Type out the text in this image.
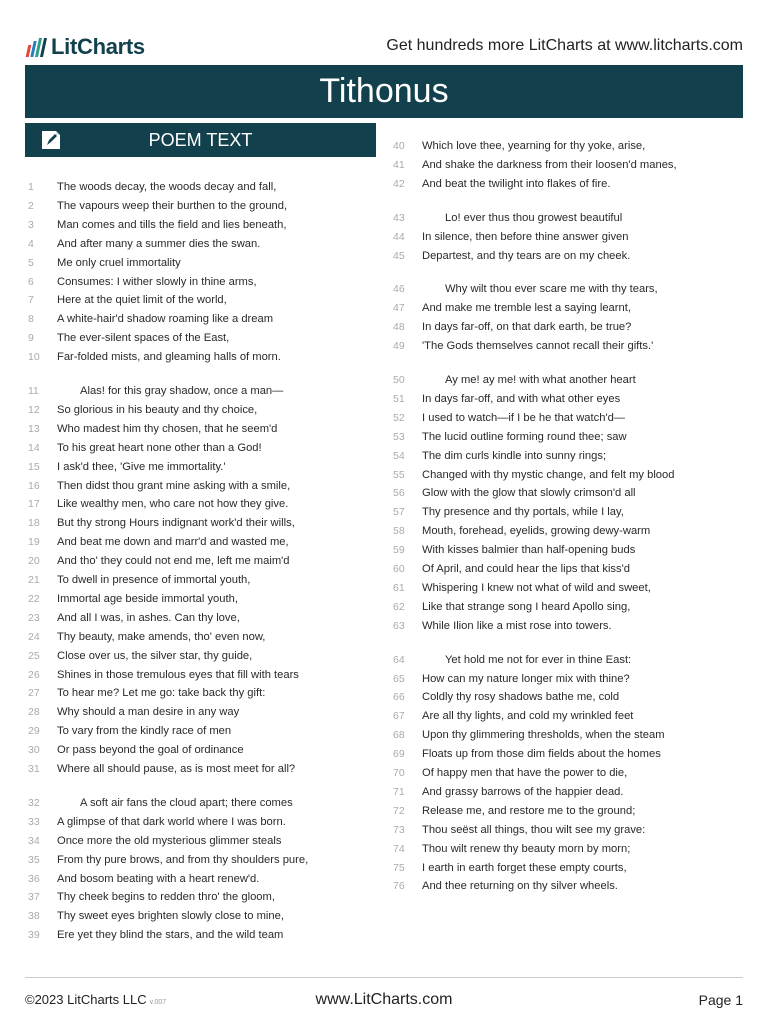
LitCharts	Get hundreds more LitCharts at www.litcharts.com
Tithonus
POEM TEXT
1	The woods decay, the woods decay and fall,
2	The vapours weep their burthen to the ground,
3	Man comes and tills the field and lies beneath,
4	And after many a summer dies the swan.
5	Me only cruel immortality
6	Consumes: I wither slowly in thine arms,
7	Here at the quiet limit of the world,
8	A white-hair'd shadow roaming like a dream
9	The ever-silent spaces of the East,
10	Far-folded mists, and gleaming halls of morn.
11	Alas! for this gray shadow, once a man—
12	So glorious in his beauty and thy choice,
13	Who madest him thy chosen, that he seem'd
14	To his great heart none other than a God!
15	I ask'd thee, 'Give me immortality.'
16	Then didst thou grant mine asking with a smile,
17	Like wealthy men, who care not how they give.
18	But thy strong Hours indignant work'd their wills,
19	And beat me down and marr'd and wasted me,
20	And tho' they could not end me, left me maim'd
21	To dwell in presence of immortal youth,
22	Immortal age beside immortal youth,
23	And all I was, in ashes. Can thy love,
24	Thy beauty, make amends, tho' even now,
25	Close over us, the silver star, thy guide,
26	Shines in those tremulous eyes that fill with tears
27	To hear me? Let me go: take back thy gift:
28	Why should a man desire in any way
29	To vary from the kindly race of men
30	Or pass beyond the goal of ordinance
31	Where all should pause, as is most meet for all?
32	A soft air fans the cloud apart; there comes
33	A glimpse of that dark world where I was born.
34	Once more the old mysterious glimmer steals
35	From thy pure brows, and from thy shoulders pure,
36	And bosom beating with a heart renew'd.
37	Thy cheek begins to redden thro' the gloom,
38	Thy sweet eyes brighten slowly close to mine,
39	Ere yet they blind the stars, and the wild team
40	Which love thee, yearning for thy yoke, arise,
41	And shake the darkness from their loosen'd manes,
42	And beat the twilight into flakes of fire.
43	Lo! ever thus thou growest beautiful
44	In silence, then before thine answer given
45	Departest, and thy tears are on my cheek.
46	Why wilt thou ever scare me with thy tears,
47	And make me tremble lest a saying learnt,
48	In days far-off, on that dark earth, be true?
49	'The Gods themselves cannot recall their gifts.'
50	Ay me! ay me! with what another heart
51	In days far-off, and with what other eyes
52	I used to watch—if I be he that watch'd—
53	The lucid outline forming round thee; saw
54	The dim curls kindle into sunny rings;
55	Changed with thy mystic change, and felt my blood
56	Glow with the glow that slowly crimson'd all
57	Thy presence and thy portals, while I lay,
58	Mouth, forehead, eyelids, growing dewy-warm
59	With kisses balmier than half-opening buds
60	Of April, and could hear the lips that kiss'd
61	Whispering I knew not what of wild and sweet,
62	Like that strange song I heard Apollo sing,
63	While Ilion like a mist rose into towers.
64	Yet hold me not for ever in thine East:
65	How can my nature longer mix with thine?
66	Coldly thy rosy shadows bathe me, cold
67	Are all thy lights, and cold my wrinkled feet
68	Upon thy glimmering thresholds, when the steam
69	Floats up from those dim fields about the homes
70	Of happy men that have the power to die,
71	And grassy barrows of the happier dead.
72	Release me, and restore me to the ground;
73	Thou seëst all things, thou wilt see my grave:
74	Thou wilt renew thy beauty morn by morn;
75	I earth in earth forget these empty courts,
76	And thee returning on thy silver wheels.
©2023 LitCharts LLC v.007	www.LitCharts.com	Page 1
